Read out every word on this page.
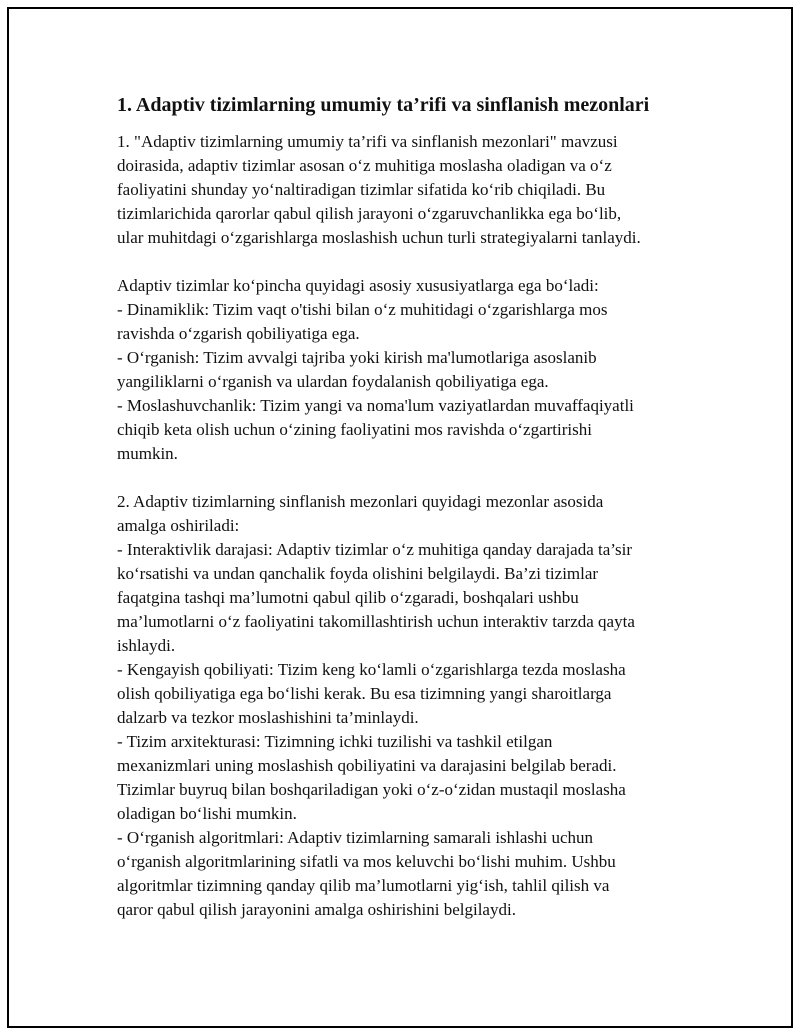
1. Adaptiv tizimlarning umumiy ta’rifi va sinflanish mezonlari
1. "Adaptiv tizimlarning umumiy ta’rifi va sinflanish mezonlari" mavzusi
doirasida, adaptiv tizimlar asosan o‘z muhitiga moslasha oladigan va o‘z
faoliyatini shunday yo‘naltiradigan tizimlar sifatida ko‘rib chiqiladi. Bu
tizimlarichida qarorlar qabul qilish jarayoni o‘zgaruvchanlikka ega bo‘lib,
ular muhitdagi o‘zgarishlarga moslashish uchun turli strategiyalarni tanlaydi.
Adaptiv tizimlar ko‘pincha quyidagi asosiy xususiyatlarga ega bo‘ladi:
- Dinamiklik: Tizim vaqt o'tishi bilan o‘z muhitidagi o‘zgarishlarga mos
ravishda o‘zgarish qobiliyatiga ega.
- O‘rganish: Tizim avvalgi tajriba yoki kirish ma'lumotlariga asoslanib
yangiliklarni o‘rganish va ulardan foydalanish qobiliyatiga ega.
- Moslashuvchanlik: Tizim yangi va noma'lum vaziyatlardan muvaffaqiyatli
chiqib keta olish uchun o‘zining faoliyatini mos ravishda o‘zgartirishi
mumkin.
2. Adaptiv tizimlarning sinflanish mezonlari quyidagi mezonlar asosida
amalga oshiriladi:
- Interaktivlik darajasi: Adaptiv tizimlar o‘z muhitiga qanday darajada ta’sir
ko‘rsatishi va undan qanchalik foyda olishini belgilaydi. Ba’zi tizimlar
faqatgina tashqi ma’lumotni qabul qilib o‘zgaradi, boshqalari ushbu
ma’lumotlarni o‘z faoliyatini takomillashtirish uchun interaktiv tarzda qayta
ishlaydi.
- Kengayish qobiliyati: Tizim keng ko‘lamli o‘zgarishlarga tezda moslasha
olish qobiliyatiga ega bo‘lishi kerak. Bu esa tizimning yangi sharoitlarga
dalzarb va tezkor moslashishini ta’minlaydi.
- Tizim arxitekturasi: Tizimning ichki tuzilishi va tashkil etilgan
mexanizmlari uning moslashish qobiliyatini va darajasini belgilab beradi.
Tizimlar buyruq bilan boshqariladigan yoki o‘z-o‘zidan mustaqil moslasha
oladigan bo‘lishi mumkin.
- O‘rganish algoritmlari: Adaptiv tizimlarning samarali ishlashi uchun
o‘rganish algoritmlarining sifatli va mos keluvchi bo‘lishi muhim. Ushbu
algoritmlar tizimning qanday qilib ma’lumotlarni yig‘ish, tahlil qilish va
qaror qabul qilish jarayonini amalga oshirishini belgilaydi.
